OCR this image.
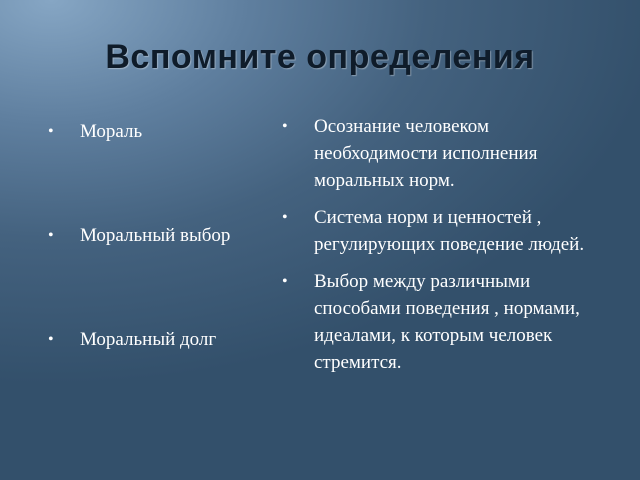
Вспомните определения
• Мораль
• Моральный выбор
• Моральный долг
• Осознание человеком необходимости исполнения моральных норм.
• Система норм и ценностей , регулирующих поведение людей.
• Выбор между различными способами поведения , нормами, идеалами, к которым человек стремится.
